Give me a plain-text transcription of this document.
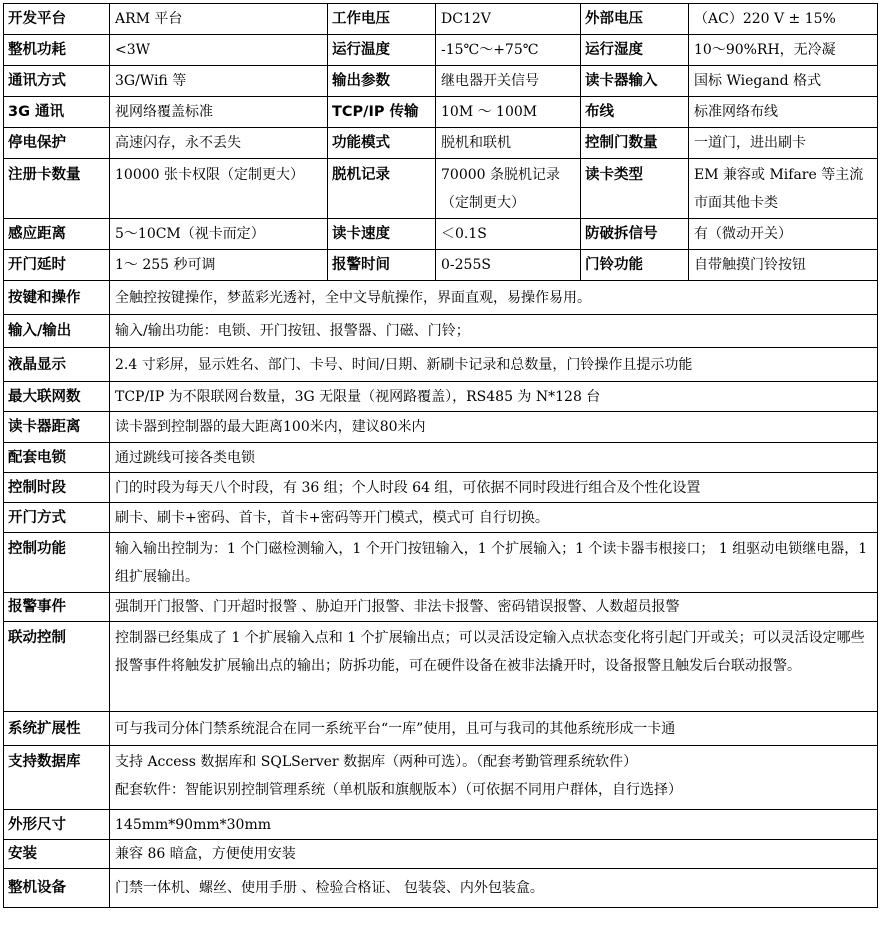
开发平台	ARM 平台	工作电压	DC12V	外部电压	（AC）220 V ± 15%
整机功耗	<3W	运行温度	-15℃～+75℃	运行湿度	10～90%RH，无冷凝
通讯方式	3G/Wifi 等	输出参数	继电器开关信号	读卡器输入	国标 Wiegand 格式
3G 通讯	视网络覆盖标准	TCP/IP 传输	10M ～ 100M	布线	标准网络布线
停电保护	高速闪存，永不丢失	功能模式	脱机和联机	控制门数量	一道门，进出刷卡
注册卡数量	10000 张卡权限（定制更大）	脱机记录	70000 条脱机记录（定制更大）	读卡类型	EM 兼容或 Mifare 等主流市面其他卡类
感应距离	5～10CM（视卡而定）	读卡速度	＜0.1S	防破拆信号	有（微动开关）
开门延时	1～ 255 秒可调	报警时间	0-255S	门铃功能	自带触摸门铃按钮
按键和操作	全触控按键操作，梦蓝彩光透衬，全中文导航操作，界面直观，易操作易用。				
输入/输出	输入/输出功能：电锁、开门按钮、报警器、门磁、门铃；				
液晶显示	2.4 寸彩屏，显示姓名、部门、卡号、时间/日期、新刷卡记录和总数量，门铃操作且提示功能				
最大联网数	TCP/IP 为不限联网台数量，3G 无限量（视网路覆盖），RS485 为 N*128 台				
读卡器距离	读卡器到控制器的最大距离100米内，建议80米内				
配套电锁	通过跳线可接各类电锁				
控制时段	门的时段为每天八个时段，有 36 组；个人时段 64 组，可依据不同时段进行组合及个性化设置				
开门方式	刷卡、刷卡+密码、首卡，首卡+密码等开门模式，模式可 自行切换。				
控制功能	输入输出控制为：1 个门磁检测输入，1 个开门按钮输入，1 个扩展输入；1 个读卡器韦根接口； 1 组驱动电锁继电器，1 组扩展输出。				
报警事件	强制开门报警、门开超时报警 、胁迫开门报警、非法卡报警、密码错误报警、人数超员报警				
联动控制	控制器已经集成了 1 个扩展输入点和 1 个扩展输出点；可以灵活设定输入点状态变化将引起门开或关；可以灵活设定哪些报警事件将触发扩展输出点的输出；防拆功能，可在硬件设备在被非法撬开时，设备报警且触发后台联动报警。				
系统扩展性	可与我司分体门禁系统混合在同一系统平台“一库”使用，且可与我司的其他系统形成一卡通				
支持数据库	支持 Access 数据库和 SQLServer 数据库（两种可选）。（配套考勤管理系统软件）
配套软件：智能识别控制管理系统（单机版和旗舰版本）（可依据不同用户群体，自行选择）				

外形尺寸	145mm*90mm*30mm				
安装	兼容 86 暗盒，方便使用安装				
整机设备	门禁一体机、螺丝、使用手册 、检验合格证、 包装袋、内外包装盒。				
